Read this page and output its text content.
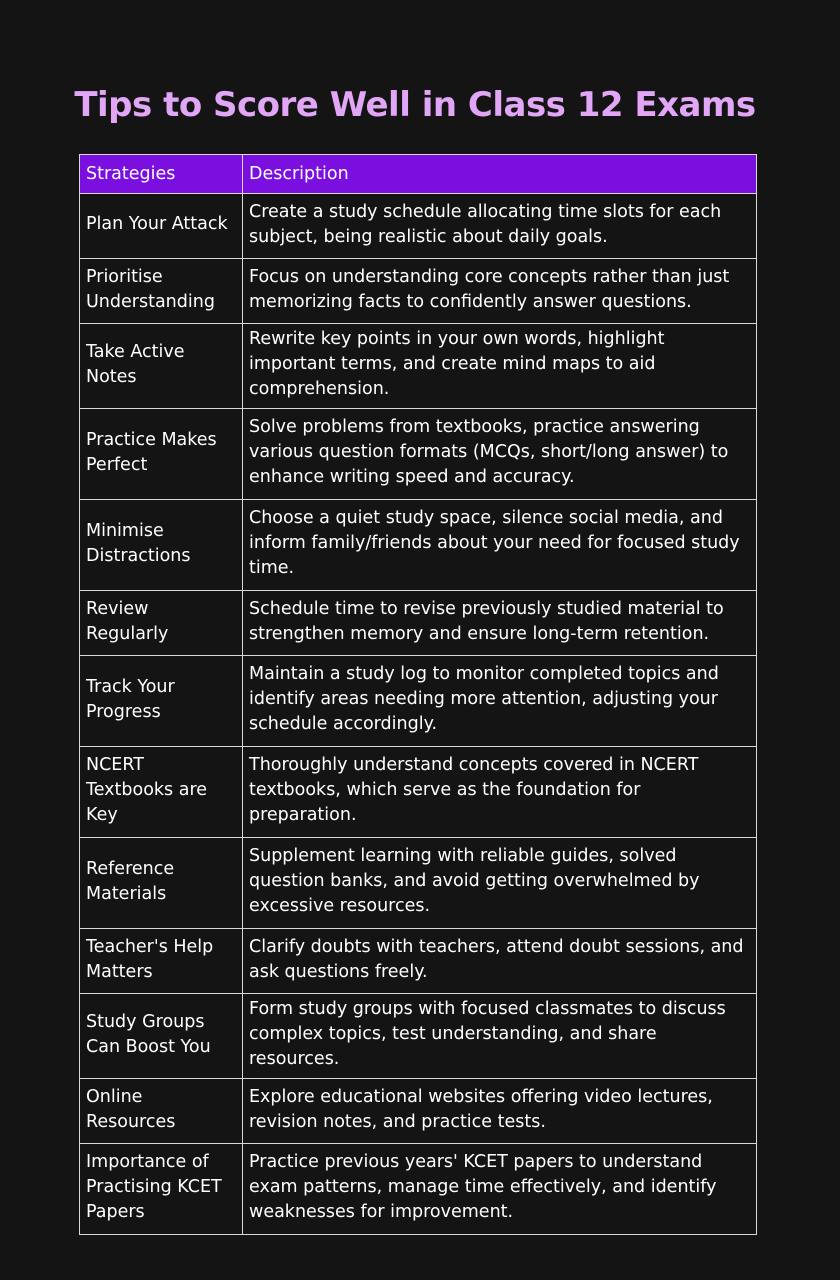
Tips to Score Well in Class 12 Exams
Strategies	Description
Plan Your Attack	Create a study schedule allocating time slots for each subject, being realistic about daily goals.
Prioritise Understanding	Focus on understanding core concepts rather than just memorizing facts to confidently answer questions.
Take Active Notes	Rewrite key points in your own words, highlight important terms, and create mind maps to aid comprehension.
Practice Makes Perfect	Solve problems from textbooks, practice answering various question formats (MCQs, short/long answer) to enhance writing speed and accuracy.
Minimise Distractions	Choose a quiet study space, silence social media, and inform family/friends about your need for focused study time.
Review Regularly	Schedule time to revise previously studied material to strengthen memory and ensure long-term retention.
Track Your Progress	Maintain a study log to monitor completed topics and identify areas needing more attention, adjusting your schedule accordingly.
NCERT Textbooks are Key	Thoroughly understand concepts covered in NCERT textbooks, which serve as the foundation for preparation.
Reference Materials	Supplement learning with reliable guides, solved question banks, and avoid getting overwhelmed by excessive resources.
Teacher's Help Matters	Clarify doubts with teachers, attend doubt sessions, and ask questions freely.
Study Groups Can Boost You	Form study groups with focused classmates to discuss complex topics, test understanding, and share resources.
Online Resources	Explore educational websites offering video lectures, revision notes, and practice tests.
Importance of Practising KCET Papers	Practice previous years' KCET papers to understand exam patterns, manage time effectively, and identify weaknesses for improvement.
